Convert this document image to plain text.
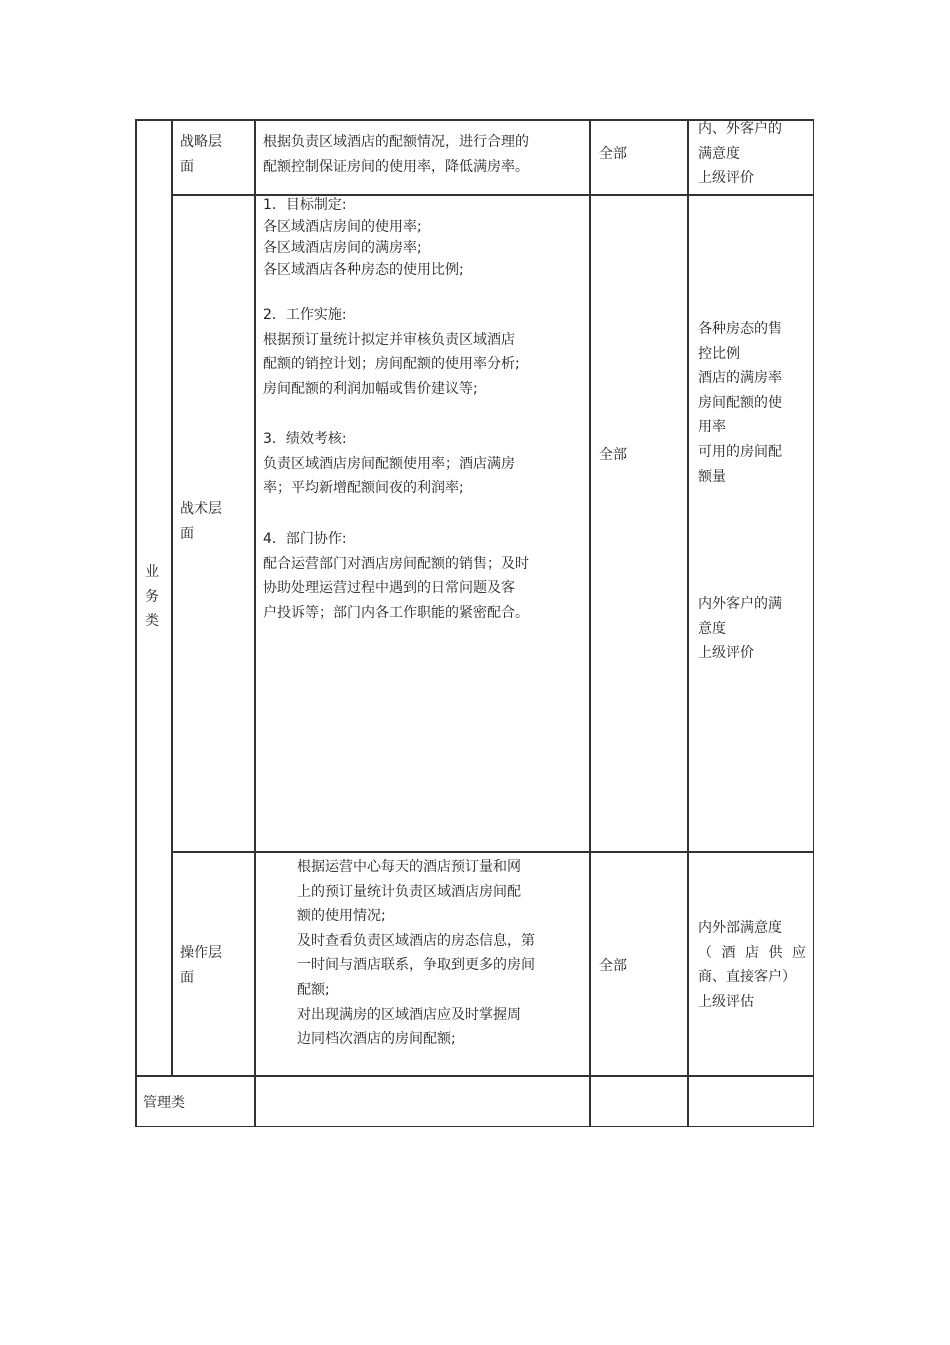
业务类
战略层
面
根据负责区域酒店的配额情况，进行合理的
配额控制保证房间的使用率，降低满房率。
全部
内、外客户的
满意度
上级评价
战术层
面
1．目标制定:
各区域酒店房间的使用率;
各区域酒店房间的满房率;
各区域酒店各种房态的使用比例;
2．工作实施:
根据预订量统计拟定并审核负责区域酒店
配额的销控计划；房间配额的使用率分析;
房间配额的利润加幅或售价建议等;
3．绩效考核:
负责区域酒店房间配额使用率；酒店满房
率；平均新增配额间夜的利润率;
4．部门协作:
配合运营部门对酒店房间配额的销售；及时
协助处理运营过程中遇到的日常问题及客
户投诉等；部门内各工作职能的紧密配合。
全部
各种房态的售
控比例
酒店的满房率
房间配额的使
用率
可用的房间配
额量
内外客户的满
意度
上级评价
操作层
面
根据运营中心每天的酒店预订量和网
上的预订量统计负责区域酒店房间配
额的使用情况;
及时查看负责区域酒店的房态信息，第
一时间与酒店联系，争取到更多的房间
配额;
对出现满房的区域酒店应及时掌握周
边同档次酒店的房间配额;
全部
内外部满意度
（ 酒 店 供 应
商、直接客户）
上级评估
管理类
